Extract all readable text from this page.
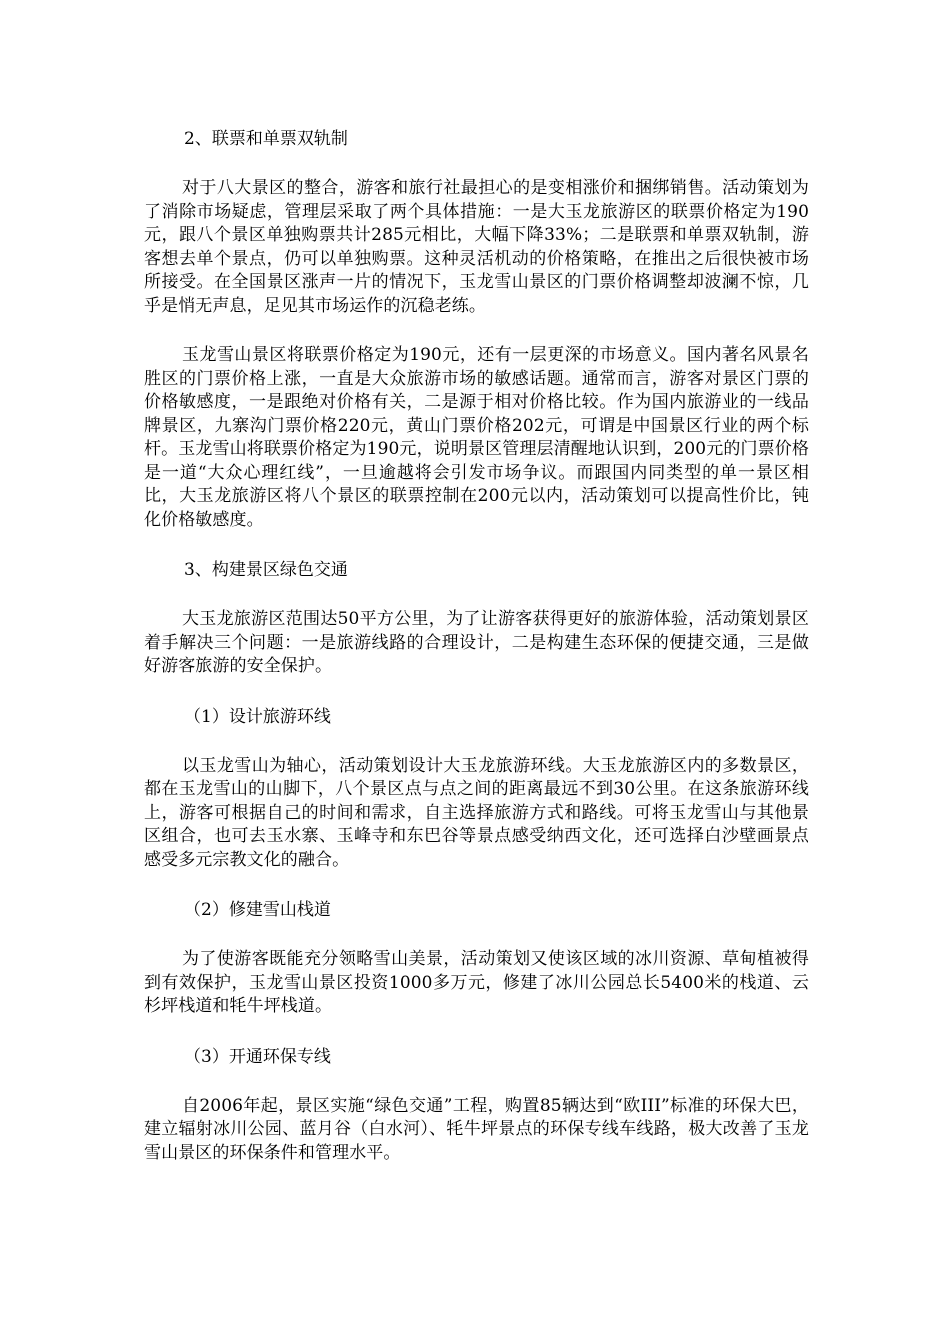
2、联票和单票双轨制

对于八大景区的整合，游客和旅行社最担心的是变相涨价和捆绑销售。活动策划为了消除市场疑虑，管理层采取了两个具体措施：一是大玉龙旅游区的联票价格定为190元，跟八个景区单独购票共计285元相比，大幅下降33%；二是联票和单票双轨制，游客想去单个景点，仍可以单独购票。这种灵活机动的价格策略，在推出之后很快被市场所接受。在全国景区涨声一片的情况下，玉龙雪山景区的门票价格调整却波澜不惊，几乎是悄无声息，足见其市场运作的沉稳老练。

玉龙雪山景区将联票价格定为190元，还有一层更深的市场意义。国内著名风景名胜区的门票价格上涨，一直是大众旅游市场的敏感话题。通常而言，游客对景区门票的价格敏感度，一是跟绝对价格有关，二是源于相对价格比较。作为国内旅游业的一线品牌景区，九寨沟门票价格220元，黄山门票价格202元，可谓是中国景区行业的两个标杆。玉龙雪山将联票价格定为190元，说明景区管理层清醒地认识到，200元的门票价格是一道“大众心理红线”，一旦逾越将会引发市场争议。而跟国内同类型的单一景区相比，大玉龙旅游区将八个景区的联票控制在200元以内，活动策划可以提高性价比，钝化价格敏感度。

3、构建景区绿色交通

大玉龙旅游区范围达50平方公里，为了让游客获得更好的旅游体验，活动策划景区着手解决三个问题：一是旅游线路的合理设计，二是构建生态环保的便捷交通，三是做好游客旅游的安全保护。

（1）设计旅游环线

以玉龙雪山为轴心，活动策划设计大玉龙旅游环线。大玉龙旅游区内的多数景区，都在玉龙雪山的山脚下，八个景区点与点之间的距离最远不到30公里。在这条旅游环线上，游客可根据自己的时间和需求，自主选择旅游方式和路线。可将玉龙雪山与其他景区组合，也可去玉水寨、玉峰寺和东巴谷等景点感受纳西文化，还可选择白沙壁画景点感受多元宗教文化的融合。

（2）修建雪山栈道

为了使游客既能充分领略雪山美景，活动策划又使该区域的冰川资源、草甸植被得到有效保护，玉龙雪山景区投资1000多万元，修建了冰川公园总长5400米的栈道、云杉坪栈道和牦牛坪栈道。

（3）开通环保专线

自2006年起，景区实施“绿色交通”工程，购置85辆达到“欧III”标准的环保大巴，建立辐射冰川公园、蓝月谷（白水河）、牦牛坪景点的环保专线车线路，极大改善了玉龙雪山景区的环保条件和管理水平。
